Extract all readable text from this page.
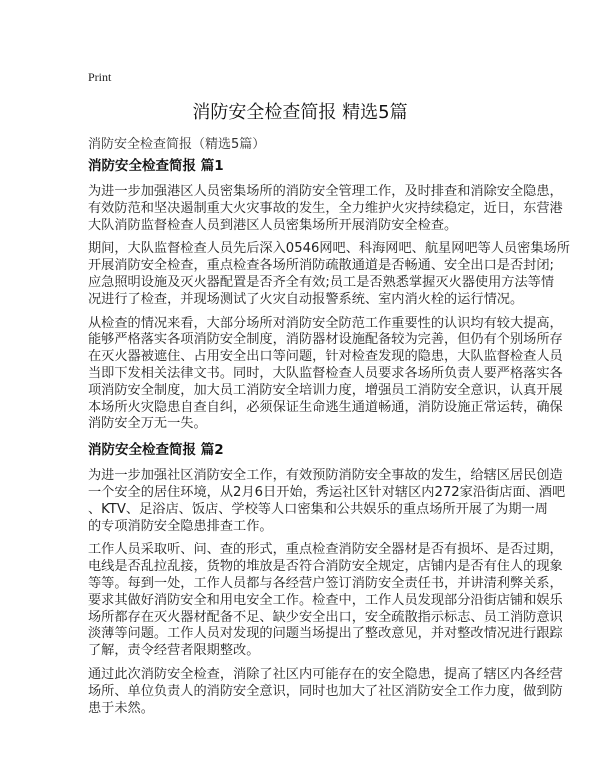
Print
消防安全检查简报 精选5篇
消防安全检查简报（精选5篇）
消防安全检查简报 篇1
为进一步加强港区人员密集场所的消防安全管理工作，及时排查和消除安全隐患，
有效防范和坚决遏制重大火灾事故的发生，全力维护火灾持续稳定，近日，东营港
大队消防监督检查人员到港区人员密集场所开展消防安全检查。
期间，大队监督检查人员先后深入0546网吧、科海网吧、航星网吧等人员密集场所
开展消防安全检查，重点检查各场所消防疏散通道是否畅通、安全出口是否封闭;
应急照明设施及灭火器配置是否齐全有效;员工是否熟悉掌握灭火器使用方法等情
况进行了检查，并现场测试了火灾自动报警系统、室内消火栓的运行情况。
从检查的情况来看，大部分场所对消防安全防范工作重要性的认识均有较大提高，
能够严格落实各项消防安全制度，消防器材设施配备较为完善，但仍有个别场所存
在灭火器被遮住、占用安全出口等问题，针对检查发现的隐患，大队监督检查人员
当即下发相关法律文书。同时，大队监督检查人员要求各场所负责人要严格落实各
项消防安全制度，加大员工消防安全培训力度，增强员工消防安全意识，认真开展
本场所火灾隐患自查自纠，必须保证生命逃生通道畅通，消防设施正常运转，确保
消防安全万无一失。
消防安全检查简报 篇2
为进一步加强社区消防安全工作，有效预防消防安全事故的发生，给辖区居民创造
一个安全的居住环境，从2月6日开始，秀运社区针对辖区内272家沿街店面、酒吧
、KTV、足浴店、饭店、学校等人口密集和公共娱乐的重点场所开展了为期一周
的专项消防安全隐患排查工作。
工作人员采取听、问、查的形式，重点检查消防安全器材是否有损坏、是否过期，
电线是否乱拉乱接，货物的堆放是否符合消防安全规定，店铺内是否有住人的现象
等等。每到一处，工作人员都与各经营户签订消防安全责任书，并讲清利弊关系，
要求其做好消防安全和用电安全工作。检查中，工作人员发现部分沿街店铺和娱乐
场所都存在灭火器材配备不足、缺少安全出口，安全疏散指示标志、员工消防意识
淡薄等问题。工作人员对发现的问题当场提出了整改意见，并对整改情况进行跟踪
了解，责令经营者限期整改。
通过此次消防安全检查，消除了社区内可能存在的安全隐患，提高了辖区内各经营
场所、单位负责人的消防安全意识，同时也加大了社区消防安全工作力度，做到防
患于未然。
